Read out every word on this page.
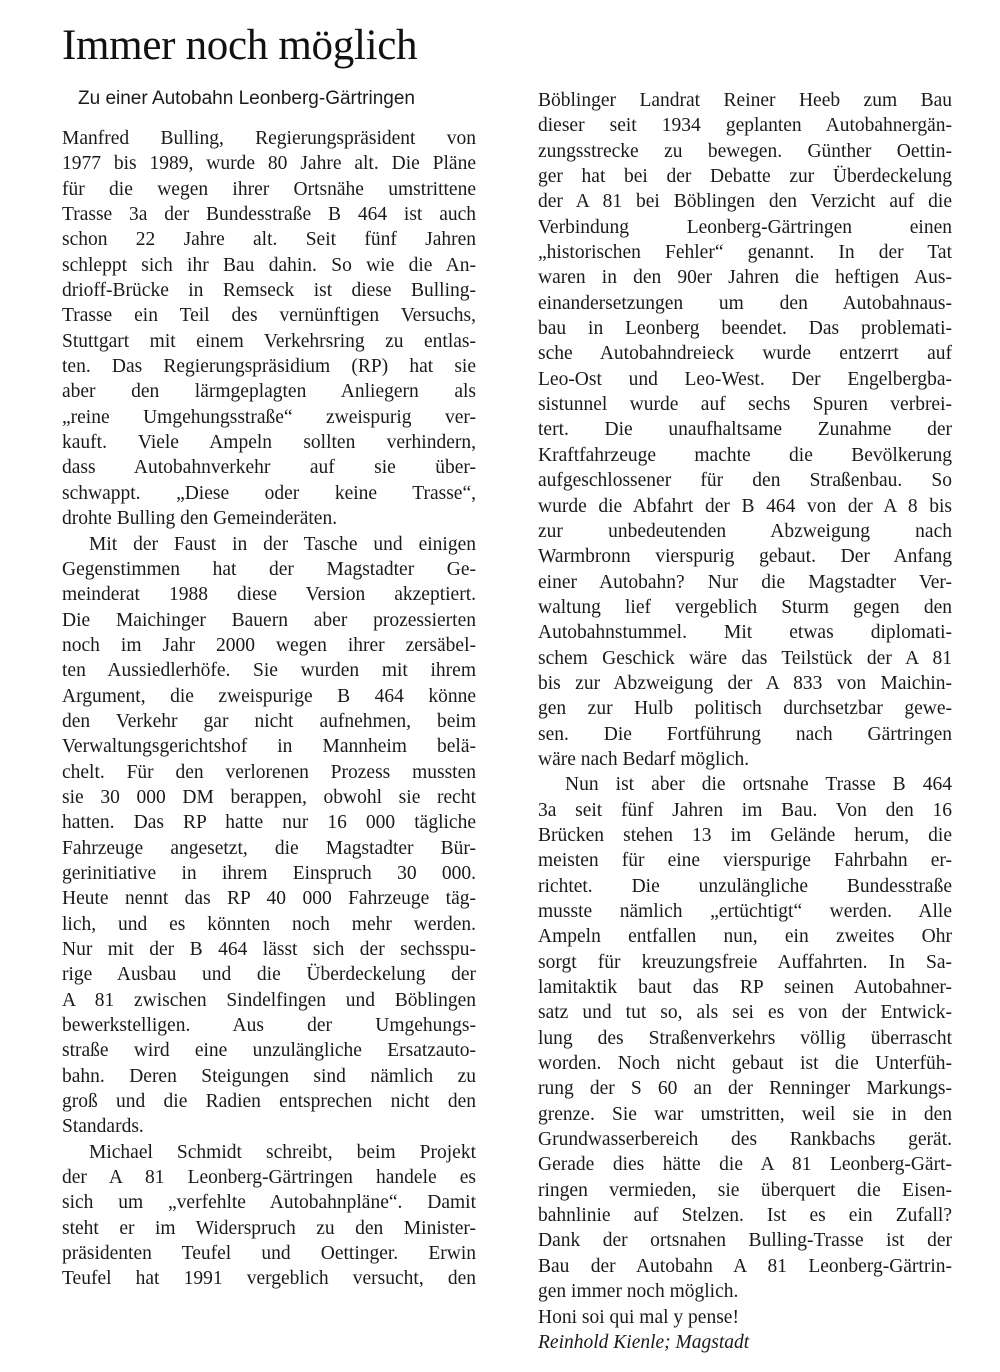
Immer noch möglich
Zu einer Autobahn Leonberg-Gärtringen
Manfred Bulling, Regierungspräsident von
1977 bis 1989, wurde 80 Jahre alt. Die Pläne
für die wegen ihrer Ortsnähe umstrittene
Trasse 3a der Bundesstraße B 464 ist auch
schon 22 Jahre alt. Seit fünf Jahren
schleppt sich ihr Bau dahin. So wie die An-
drioff-Brücke in Remseck ist diese Bulling-
Trasse ein Teil des vernünftigen Versuchs,
Stuttgart mit einem Verkehrsring zu entlas-
ten. Das Regierungspräsidium (RP) hat sie
aber den lärmgeplagten Anliegern als
„reine Umgehungsstraße“ zweispurig ver-
kauft. Viele Ampeln sollten verhindern,
dass Autobahnverkehr auf sie über-
schwappt. „Diese oder keine Trasse“,
drohte Bulling den Gemeinderäten.
Mit der Faust in der Tasche und einigen
Gegenstimmen hat der Magstadter Ge-
meinderat 1988 diese Version akzeptiert.
Die Maichinger Bauern aber prozessierten
noch im Jahr 2000 wegen ihrer zersäbel-
ten Aussiedlerhöfe. Sie wurden mit ihrem
Argument, die zweispurige B 464 könne
den Verkehr gar nicht aufnehmen, beim
Verwaltungsgerichtshof in Mannheim belä-
chelt. Für den verlorenen Prozess mussten
sie 30 000 DM berappen, obwohl sie recht
hatten. Das RP hatte nur 16 000 tägliche
Fahrzeuge angesetzt, die Magstadter Bür-
gerinitiative in ihrem Einspruch 30 000.
Heute nennt das RP 40 000 Fahrzeuge täg-
lich, und es könnten noch mehr werden.
Nur mit der B 464 lässt sich der sechsspu-
rige Ausbau und die Überdeckelung der
A 81 zwischen Sindelfingen und Böblingen
bewerkstelligen. Aus der Umgehungs-
straße wird eine unzulängliche Ersatzauto-
bahn. Deren Steigungen sind nämlich zu
groß und die Radien entsprechen nicht den
Standards.
Michael Schmidt schreibt, beim Projekt
der A 81 Leonberg-Gärtringen handele es
sich um „verfehlte Autobahnpläne“. Damit
steht er im Widerspruch zu den Minister-
präsidenten Teufel und Oettinger. Erwin
Teufel hat 1991 vergeblich versucht, den
Böblinger Landrat Reiner Heeb zum Bau
dieser seit 1934 geplanten Autobahnergän-
zungsstrecke zu bewegen. Günther Oettin-
ger hat bei der Debatte zur Überdeckelung
der A 81 bei Böblingen den Verzicht auf die
Verbindung Leonberg-Gärtringen einen
„historischen Fehler“ genannt. In der Tat
waren in den 90er Jahren die heftigen Aus-
einandersetzungen um den Autobahnaus-
bau in Leonberg beendet. Das problemati-
sche Autobahndreieck wurde entzerrt auf
Leo-Ost und Leo-West. Der Engelbergba-
sistunnel wurde auf sechs Spuren verbrei-
tert. Die unaufhaltsame Zunahme der
Kraftfahrzeuge machte die Bevölkerung
aufgeschlossener für den Straßenbau. So
wurde die Abfahrt der B 464 von der A 8 bis
zur unbedeutenden Abzweigung nach
Warmbronn vierspurig gebaut. Der Anfang
einer Autobahn? Nur die Magstadter Ver-
waltung lief vergeblich Sturm gegen den
Autobahnstummel. Mit etwas diplomati-
schem Geschick wäre das Teilstück der A 81
bis zur Abzweigung der A 833 von Maichin-
gen zur Hulb politisch durchsetzbar gewe-
sen. Die Fortführung nach Gärtringen
wäre nach Bedarf möglich.
Nun ist aber die ortsnahe Trasse B 464
3a seit fünf Jahren im Bau. Von den 16
Brücken stehen 13 im Gelände herum, die
meisten für eine vierspurige Fahrbahn er-
richtet. Die unzulängliche Bundesstraße
musste nämlich „ertüchtigt“ werden. Alle
Ampeln entfallen nun, ein zweites Ohr
sorgt für kreuzungsfreie Auffahrten. In Sa-
lamitaktik baut das RP seinen Autobahner-
satz und tut so, als sei es von der Entwick-
lung des Straßenverkehrs völlig überrascht
worden. Noch nicht gebaut ist die Unterfüh-
rung der S 60 an der Renninger Markungs-
grenze. Sie war umstritten, weil sie in den
Grundwasserbereich des Rankbachs gerät.
Gerade dies hätte die A 81 Leonberg-Gärt-
ringen vermieden, sie überquert die Eisen-
bahnlinie auf Stelzen. Ist es ein Zufall?
Dank der ortsnahen Bulling-Trasse ist der
Bau der Autobahn A 81 Leonberg-Gärtrin-
gen immer noch möglich.
Honi soi qui mal y pense!
Reinhold Kienle; Magstadt
